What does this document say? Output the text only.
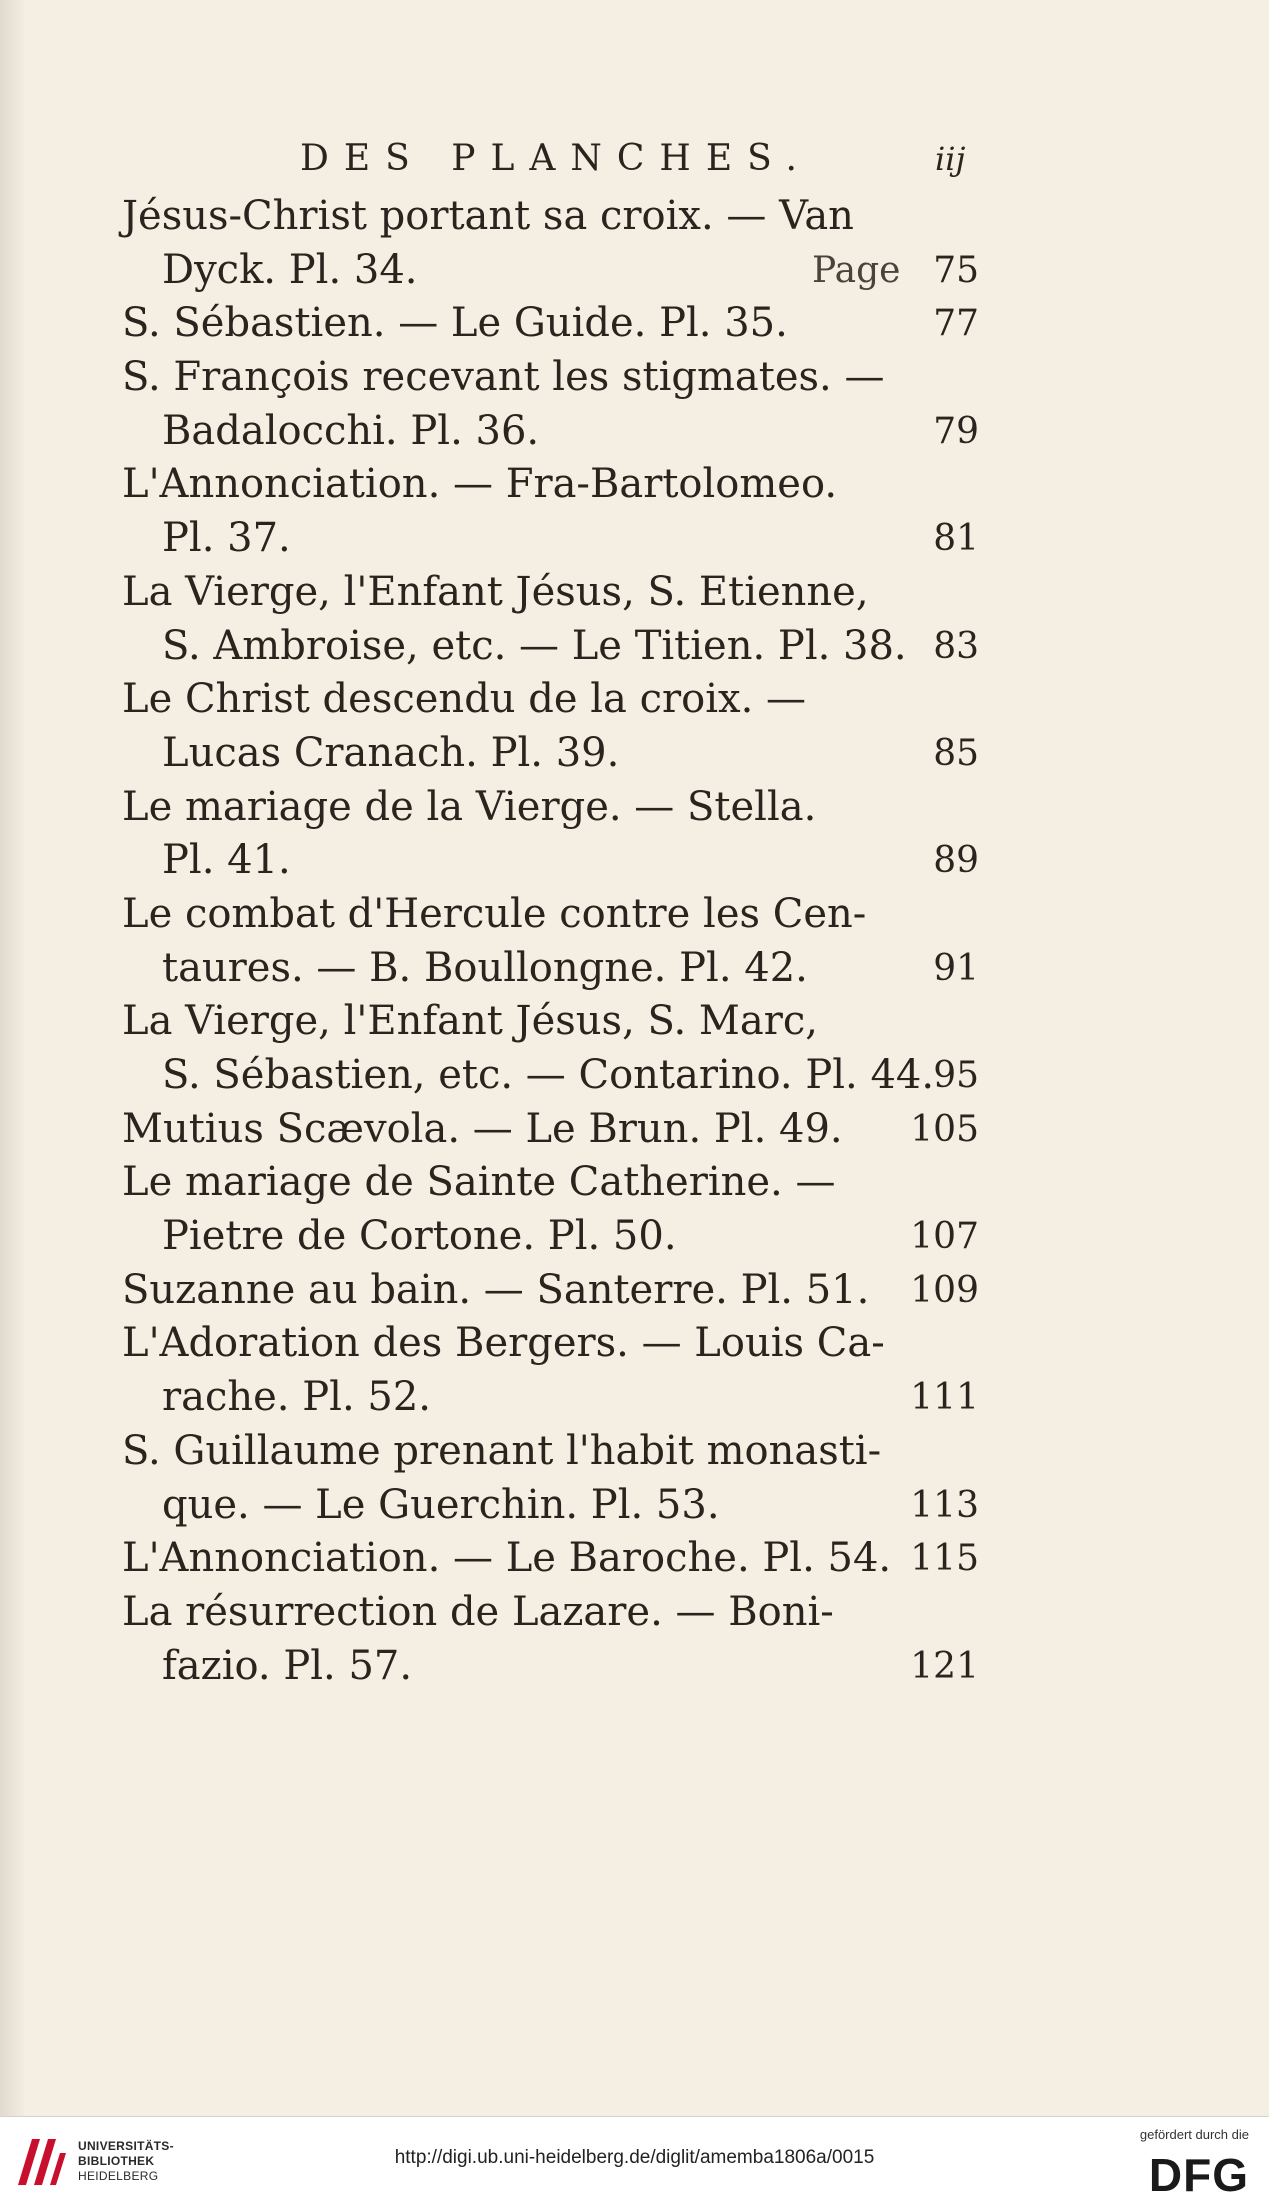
DES PLANCHES.	iij
Jésus-Christ portant sa croix. — Van
Dyck. Pl. 34.	Page 75
S. Sébastien. — Le Guide. Pl. 35.	77
S. François recevant les stigmates. —
Badalocchi. Pl. 36.	79
L'Annonciation. — Fra-Bartolomeo.
Pl. 37.	81
La Vierge, l'Enfant Jésus, S. Etienne,
S. Ambroise, etc. — Le Titien. Pl. 38. 83
Le Christ descendu de la croix. —
Lucas Cranach. Pl. 39.	85
Le mariage de la Vierge. — Stella.
Pl. 41.	89
Le combat d'Hercule contre les Cen-
taures. — B. Boullongne. Pl. 42.	91
La Vierge, l'Enfant Jésus, S. Marc,
S. Sébastien, etc. — Contarino. Pl. 44. 95
Mutius Scævola. — Le Brun. Pl. 49. 105
Le mariage de Sainte Catherine. —
Pietre de Cortone. Pl. 50.	107
Suzanne au bain. — Santerre. Pl. 51. 109
L'Adoration des Bergers. — Louis Ca-
rache. Pl. 52.	111
S. Guillaume prenant l'habit monasti-
que. — Le Guerchin. Pl. 53.	113
L'Annonciation. — Le Baroche. Pl. 54. 115
La résurrection de Lazare. — Boni-
fazio. Pl. 57.	121
UNIVERSITÄTS-
BIBLIOTHEK
HEIDELBERG
http://digi.ub.uni-heidelberg.de/diglit/amemba1806a/0015
gefördert durch die
DFG
